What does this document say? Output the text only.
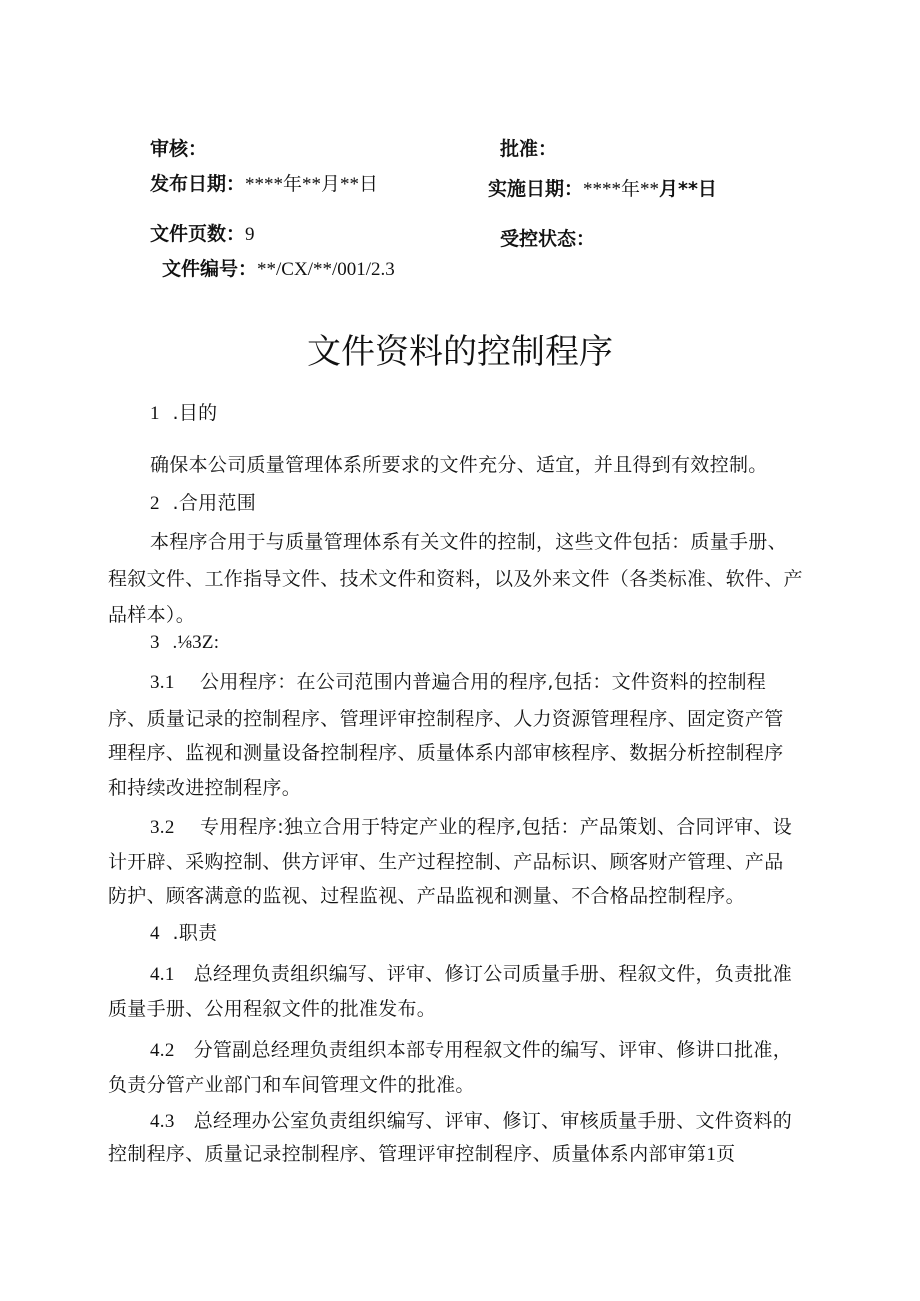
审核：	批准：
发布日期：****年**月**日	实施日期：****年**月**日
文件页数：9	受控状态：
文件编号：**/CX/**/001/2.3
文件资料的控制程序
1 .目的
确保本公司质量管理体系所要求的文件充分、适宜，并且得到有效控制。
2 .合用范围
本程序合用于与质量管理体系有关文件的控制，这些文件包括：质量手册、
程叙文件、工作指导文件、技术文件和资料，以及外来文件（各类标准、软件、产
品样本）。
3 .⅛3Z:
3.1 公用程序：在公司范围内普遍合用的程序,包括：文件资料的控制程
序、质量记录的控制程序、管理评审控制程序、人力资源管理程序、固定资产管
理程序、监视和测量设备控制程序、质量体系内部审核程序、数据分析控制程序
和持续改进控制程序。
3.2 专用程序:独立合用于特定产业的程序,包括：产品策划、合同评审、设
计开辟、采购控制、供方评审、生产过程控制、产品标识、顾客财产管理、产品
防护、顾客满意的监视、过程监视、产品监视和测量、不合格品控制程序。
4 .职责
4.1 总经理负责组织编写、评审、修订公司质量手册、程叙文件，负责批准
质量手册、公用程叙文件的批准发布。
4.2 分管副总经理负责组织本部专用程叙文件的编写、评审、修讲口批准，
负责分管产业部门和车间管理文件的批准。
4.3 总经理办公室负责组织编写、评审、修订、审核质量手册、文件资料的
控制程序、质量记录控制程序、管理评审控制程序、质量体系内部审第1页
